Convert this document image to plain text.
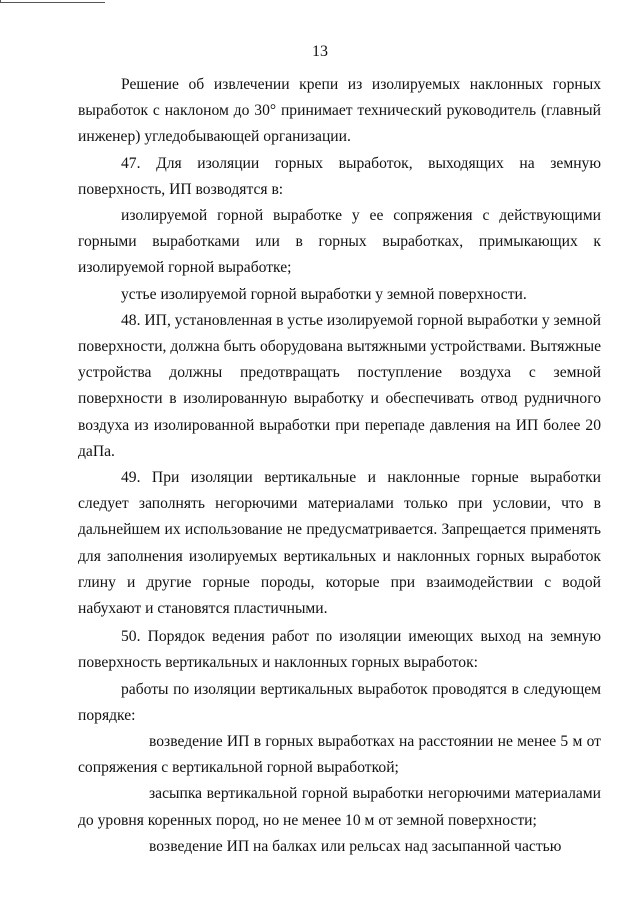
13

Решение об извлечении крепи из изолируемых наклонных горных выработок с наклоном до 30° принимает технический руководитель (главный инженер) угледобывающей организации.

47. Для изоляции горных выработок, выходящих на земную поверхность, ИП возводятся в:

изолируемой горной выработке у ее сопряжения с действующими горными выработками или в горных выработках, примыкающих к изолируемой горной выработке;

устье изолируемой горной выработки у земной поверхности.

48. ИП, установленная в устье изолируемой горной выработки у земной поверхности, должна быть оборудована вытяжными устройствами. Вытяжные устройства должны предотвращать поступление воздуха с земной поверхности в изолированную выработку и обеспечивать отвод рудничного воздуха из изолированной выработки при перепаде давления на ИП более 20 даПа.

49. При изоляции вертикальные и наклонные горные выработки следует заполнять негорючими материалами только при условии, что в дальнейшем их использование не предусматривается. Запрещается применять для заполнения изолируемых вертикальных и наклонных горных выработок глину и другие горные породы, которые при взаимодействии с водой набухают и становятся пластичными.

50. Порядок ведения работ по изоляции имеющих выход на земную поверхность вертикальных и наклонных горных выработок:

работы по изоляции вертикальных выработок проводятся в следующем порядке:

возведение ИП в горных выработках на расстоянии не менее 5 м от сопряжения с вертикальной горной выработкой;

засыпка вертикальной горной выработки негорючими материалами до уровня коренных пород, но не менее 10 м от земной поверхности;

возведение ИП на балках или рельсах над засыпанной частью
